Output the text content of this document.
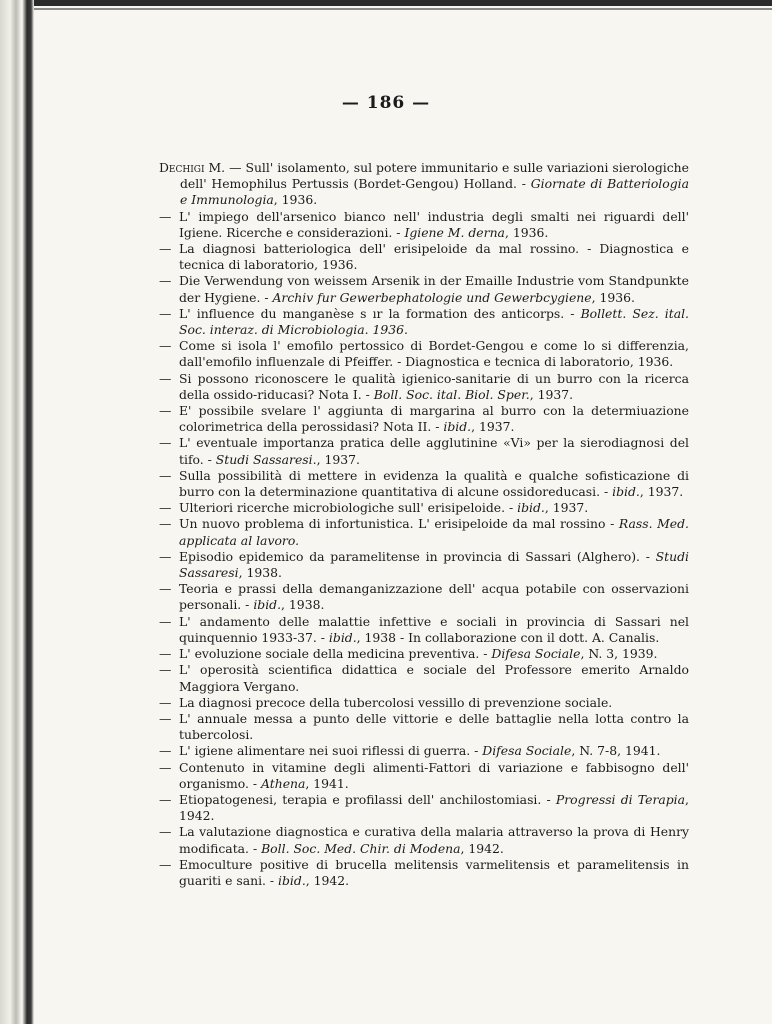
— 186 —
Dechigi M. — Sull' isolamento, sul potere immunitario e sulle variazioni sierologiche dell' Hemophilus Pertussis (Bordet-Gengou) Holland. - Giornate di Batteriologia e Immunologia, 1936.
— L' impiego dell'arsenico bianco nell' industria degli smalti nei riguardi dell' Igiene. Ricerche e considerazioni. - Igiene M. derna, 1936.
— La diagnosi batteriologica dell' erisipeloide da mal rossino. - Diagnostica e tecnica di laboratorio, 1936.
— Die Verwendung von weissem Arsenik in der Emaille Industrie vom Standpunkte der Hygiene. - Archiv fur Gewerbephatologie und Gewerbcygiene, 1936.
— L' influence du manganèse s ır la formation des anticorps. - Bollett. Sez. ital. Soc. interaz. di Microbiologia. 1936.
— Come si isola l' emofilo pertossico di Bordet-Gengou e come lo si differenzia, dall'emofilo influenzale di Pfeiffer. - Diagnostica e tecnica di laboratorio, 1936.
— Si possono riconoscere le qualità igienico-sanitarie di un burro con la ricerca della ossido-riducasi? Nota I. - Boll. Soc. ital. Biol. Sper., 1937.
— E' possibile svelare l' aggiunta di margarina al burro con la determiuazione colorimetrica della perossidasi? Nota II. - ibid., 1937.
— L' eventuale importanza pratica delle agglutinine «Vi» per la sierodiagnosi del tifo. - Studi Sassaresi., 1937.
— Sulla possibilità di mettere in evidenza la qualità e qualche sofisticazione di burro con la determinazione quantitativa di alcune ossidoreducasi. - ibid., 1937.
— Ulteriori ricerche microbiologiche sull' erisipeloide. - ibid., 1937.
— Un nuovo problema di infortunistica. L' erisipeloide da mal rossino - Rass. Med. applicata al lavoro.
— Episodio epidemico da paramelitense in provincia di Sassari (Alghero). - Studi Sassaresi, 1938.
— Teoria e prassi della demanganizzazione dell' acqua potabile con osservazioni personali. - ibid., 1938.
— L' andamento delle malattie infettive e sociali in provincia di Sassari nel quinquennio 1933-37. - ibid., 1938 - In collaborazione con il dott. A. Canalis.
— L' evoluzione sociale della medicina preventiva. - Difesa Sociale, N. 3, 1939.
— L' operosità scientifica didattica e sociale del Professore emerito Arnaldo Maggiora Vergano.
— La diagnosi precoce della tubercolosi vessillo di prevenzione sociale.
— L' annuale messa a punto delle vittorie e delle battaglie nella lotta contro la tubercolosi.
— L' igiene alimentare nei suoi riflessi di guerra. - Difesa Sociale, N. 7-8, 1941.
— Contenuto in vitamine degli alimenti-Fattori di variazione e fabbisogno dell' organismo. - Athena, 1941.
— Etiopatogenesi, terapia e profilassi dell' anchilostomiasi. - Progressi di Terapia, 1942.
— La valutazione diagnostica e curativa della malaria attraverso la prova di Henry modificata. - Boll. Soc. Med. Chir. di Modena, 1942.
— Emoculture positive di brucella melitensis varmelitensis et paramelitensis in guariti e sani. - ibid., 1942.
